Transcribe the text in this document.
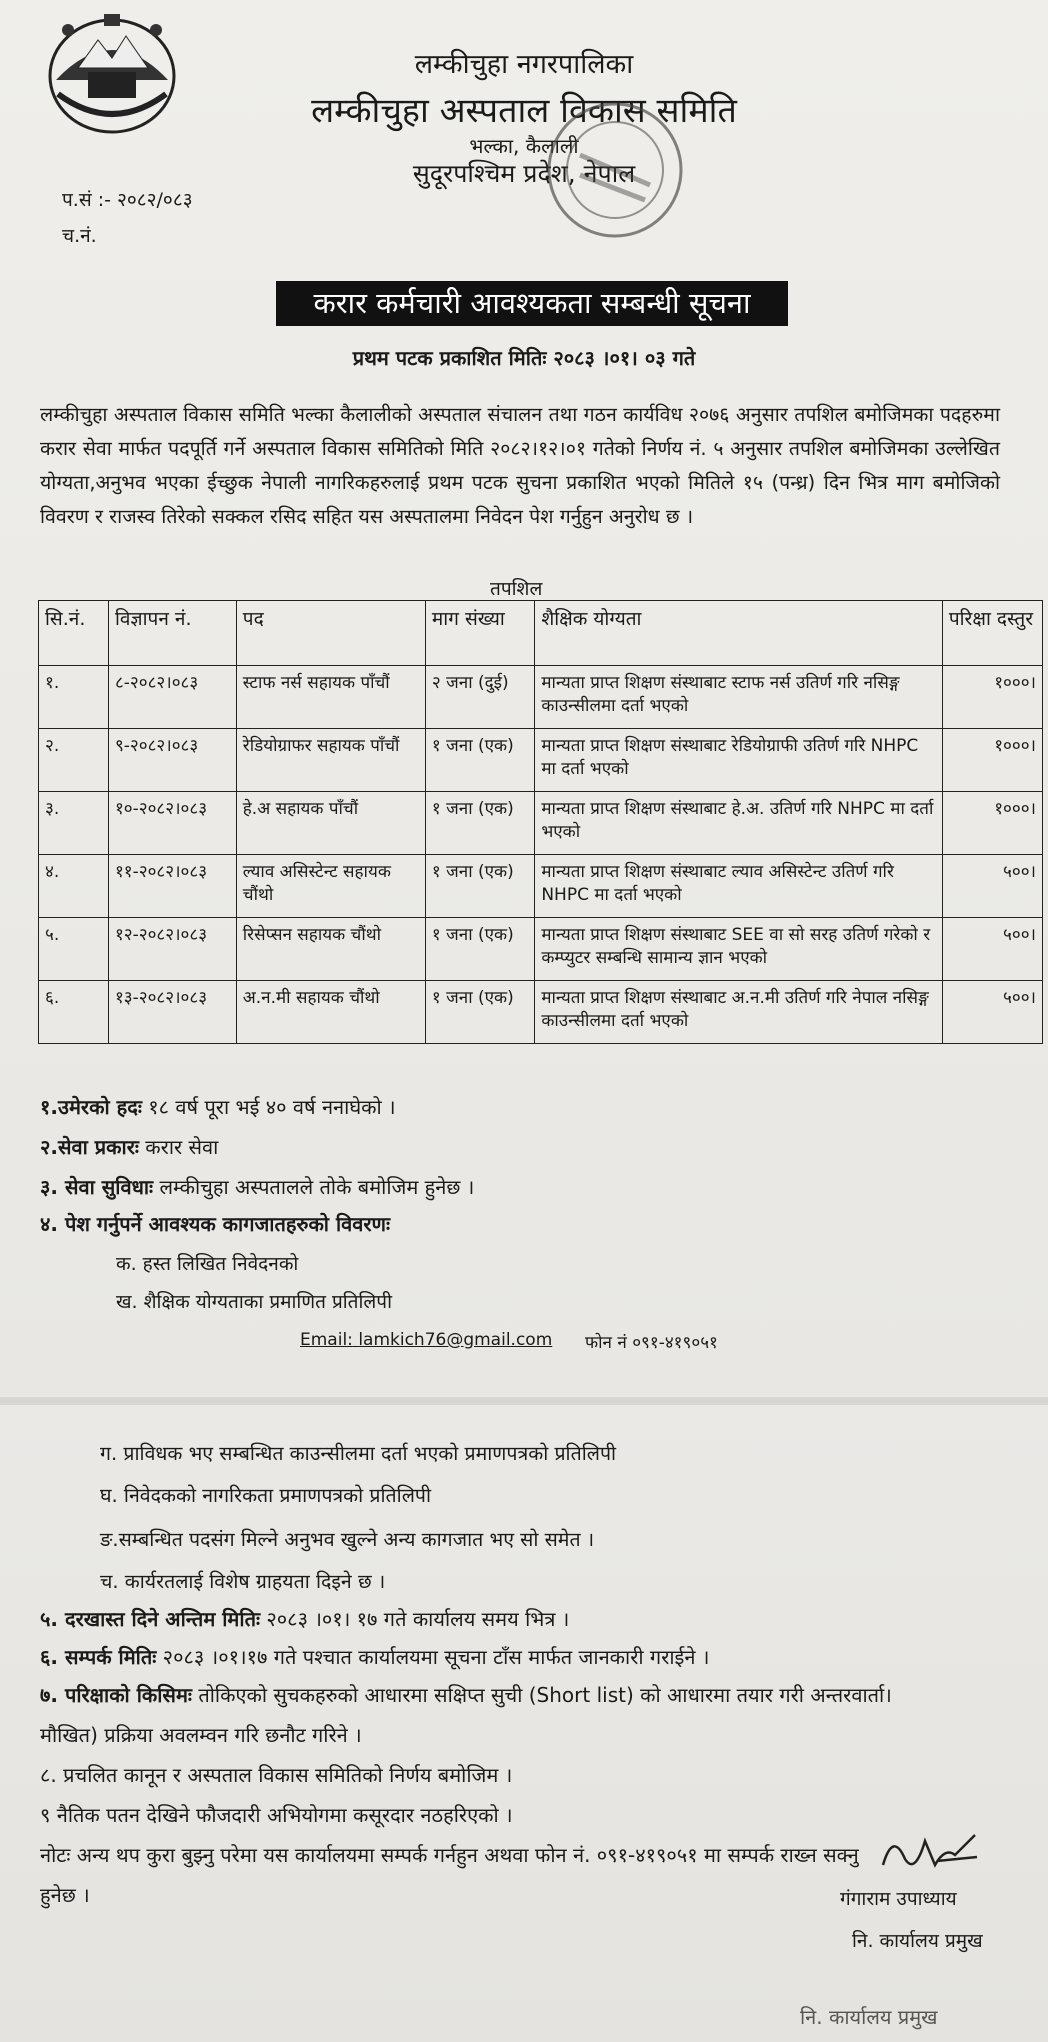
लम्कीचुहा नगरपालिका
लम्कीचुहा अस्पताल विकास समिति
भल्का, कैलाली
सुदूरपश्चिम प्रदेश, नेपाल
प.सं :- २०८२/०८३
च.नं.
करार कर्मचारी आवश्यकता सम्बन्धी सूचना
प्रथम पटक प्रकाशित मितिः २०८३ ।०१। ०३ गते
लम्कीचुहा अस्पताल विकास समिति भल्का कैलालीको अस्पताल संचालन तथा गठन कार्यविध २०७६ अनुसार तपशिल बमोजिमका पदहरुमा करार सेवा मार्फत पदपूर्ति गर्ने अस्पताल विकास समितिको मिति २०८२।१२।०१ गतेको निर्णय नं. ५ अनुसार तपशिल बमोजिमका उल्लेखित योग्यता,अनुभव भएका ईच्छुक नेपाली नागरिकहरुलाई प्रथम पटक सुचना प्रकाशित भएको मितिले १५ (पन्ध्र) दिन भित्र माग बमोजिको विवरण र राजस्व तिरेको सक्कल रसिद सहित यस अस्पतालमा निवेदन पेश गर्नुहुन अनुरोध छ ।
तपशिल
सि.नं.	विज्ञापन नं.	पद	माग संख्या	शैक्षिक योग्यता	परिक्षा दस्तुर
१.	८-२०८२।०८३	स्टाफ नर्स सहायक पाँचौं	२ जना (दुई)	मान्यता प्राप्त शिक्षण संस्थाबाट स्टाफ नर्स उतिर्ण गरि नसिङ्ग काउन्सीलमा दर्ता भएको	१०००।
२.	९-२०८२।०८३	रेडियोग्राफर सहायक पाँचौं	१ जना (एक)	मान्यता प्राप्त शिक्षण संस्थाबाट रेडियोग्राफी उतिर्ण गरि NHPC मा दर्ता भएको	१०००।
३.	१०-२०८२।०८३	हे.अ सहायक पाँचौं	१ जना (एक)	मान्यता प्राप्त शिक्षण संस्थाबाट हे.अ. उतिर्ण गरि NHPC मा दर्ता भएको	१०००।
४.	११-२०८२।०८३	ल्याव असिस्टेन्ट सहायक चौंथो	१ जना (एक)	मान्यता प्राप्त शिक्षण संस्थाबाट ल्याव असिस्टेन्ट उतिर्ण गरि NHPC मा दर्ता भएको	५००।
५.	१२-२०८२।०८३	रिसेप्सन सहायक चौंथो	१ जना (एक)	मान्यता प्राप्त शिक्षण संस्थाबाट SEE वा सो सरह उतिर्ण गरेको र कम्प्युटर सम्बन्धि सामान्य ज्ञान भएको	५००।
६.	१३-२०८२।०८३	अ.न.मी सहायक चौंथो	१ जना (एक)	मान्यता प्राप्त शिक्षण संस्थाबाट अ.न.मी उतिर्ण गरि नेपाल नसिङ्ग काउन्सीलमा दर्ता भएको	५००।
१.उमेरको हदः १८ वर्ष पूरा भई ४० वर्ष ननाघेको ।
२.सेवा प्रकारः करार सेवा
३. सेवा सुविधाः लम्कीचुहा अस्पतालले तोके बमोजिम हुनेछ ।
४. पेश गर्नुपर्ने आवश्यक कागजातहरुको विवरणः
क. हस्त लिखित निवेदनको
ख. शैक्षिक योग्यताका प्रमाणित प्रतिलिपी
Email: lamkich76@gmail.com फोन नं ०९१-४१९०५१
ग. प्राविधक भए सम्बन्धित काउन्सीलमा दर्ता भएको प्रमाणपत्रको प्रतिलिपी
घ. निवेदकको नागरिकता प्रमाणपत्रको प्रतिलिपी
ङ.सम्बन्धित पदसंग मिल्ने अनुभव खुल्ने अन्य कागजात भए सो समेत ।
च. कार्यरतलाई विशेष ग्राहयता दिइने छ ।
५. दरखास्त दिने अन्तिम मितिः २०८३ ।०१। १७ गते कार्यालय समय भित्र ।
६. सम्पर्क मितिः २०८३ ।०१।१७ गते पश्चात कार्यालयमा सूचना टाँस मार्फत जानकारी गराईने ।
७. परिक्षाको किसिमः तोकिएको सुचकहरुको आधारमा सक्षिप्त सुची (Short list) को आधारमा तयार गरी अन्तरवार्ता।
मौखित) प्रक्रिया अवलम्वन गरि छनौट गरिने ।
८. प्रचलित कानून र अस्पताल विकास समितिको निर्णय बमोजिम ।
९ नैतिक पतन देखिने फौजदारी अभियोगमा कसूरदार नठहरिएको ।
नोटः अन्य थप कुरा बुझ्नु परेमा यस कार्यालयमा सम्पर्क गर्नहुन अथवा फोन नं. ०९१-४१९०५१ मा सम्पर्क राख्न सक्नु
हुनेछ ।	गंगाराम उपाध्याय
नि. कार्यालय प्रमुख
नि. कार्यालय प्रमुख
